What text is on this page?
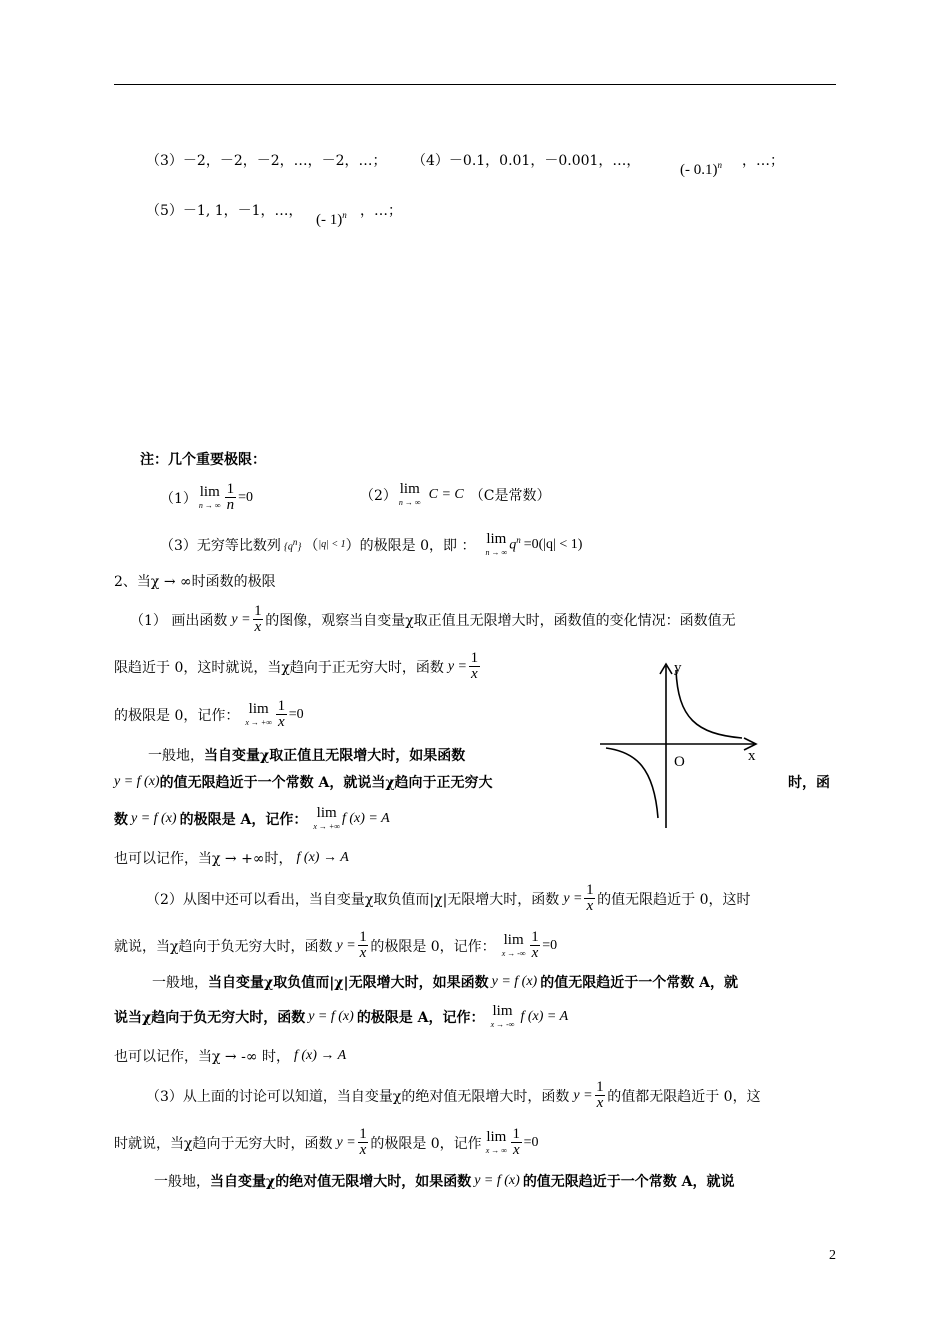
（3）－2，－2，－2，…，－2，…； （4）－0.1，0.01，－0.001，…，
(- 0.1)$^n$ ，…；
（5）－1, 1，－1，…，
(- 1)$^n$ ，…；
注：几个重要极限：
（1） lim
n → ∞ $\frac{1}{n} =0$	（2） lim
n → ∞
C = C （C是常数）
（3）无穷等比数列 {qn} （ |q| < 1 ）的极限是 0，即 ： lim
n → ∞ $q^n =0(|q| < 1)$
2、当χ → ∞时函数的极限
（1） 画出函数 $y = \frac{1}{x}$ 的图像，观察当自变量χ取正值且无限增大时，函数值的变化情况：函数值无
限趋近于 0，这时就说，当χ趋向于正无穷大时，函数 $y = \frac{1}{x}$
的极限是 0，记作： lim
x → +∞ $\frac{1}{x} =0$
y
x
O
一般地，当自变量χ取正值且无限增大时，如果函数
y = f (x) 的值无限趋近于一个常数 A，就说当χ趋向于正无穷大	时，函
数 y = f (x) 的极限是 A，记作： lim
x → +∞
f (x) = A
也可以记作，当χ → +∞时， f (x) → A
（2）从图中还可以看出，当自变量χ取负值而|χ|无限增大时，函数 $y = \frac{1}{x}$ 的值无限趋近于 0，这时
就说，当χ趋向于负无穷大时，函数 $y = \frac{1}{x}$ 的极限是 0，记作： lim
x → -∞ $\frac{1}{x} =0$
一般地， 当自变量χ取负值而|χ|无限增大时，如果函数 y = f (x) 的值无限趋近于一个常数 A，就
说当χ趋向于负无穷大时，函数 y = f (x) 的极限是 A，记作： lim
x → -∞
f (x) = A
也可以记作，当χ → -∞ 时， f (x) → A
（3）从上面的讨论可以知道，当自变量χ的绝对值无限增大时，函数 $y = \frac{1}{x}$ 的值都无限趋近于 0，这
时就说，当χ趋向于无穷大时，函数 $y = \frac{1}{x}$ 的极限是 0，记作 lim
x → ∞ $\frac{1}{x} =0$
一般地， 当自变量χ的绝对值无限增大时，如果函数 y = f (x) 的值无限趋近于一个常数 A，就说
2
